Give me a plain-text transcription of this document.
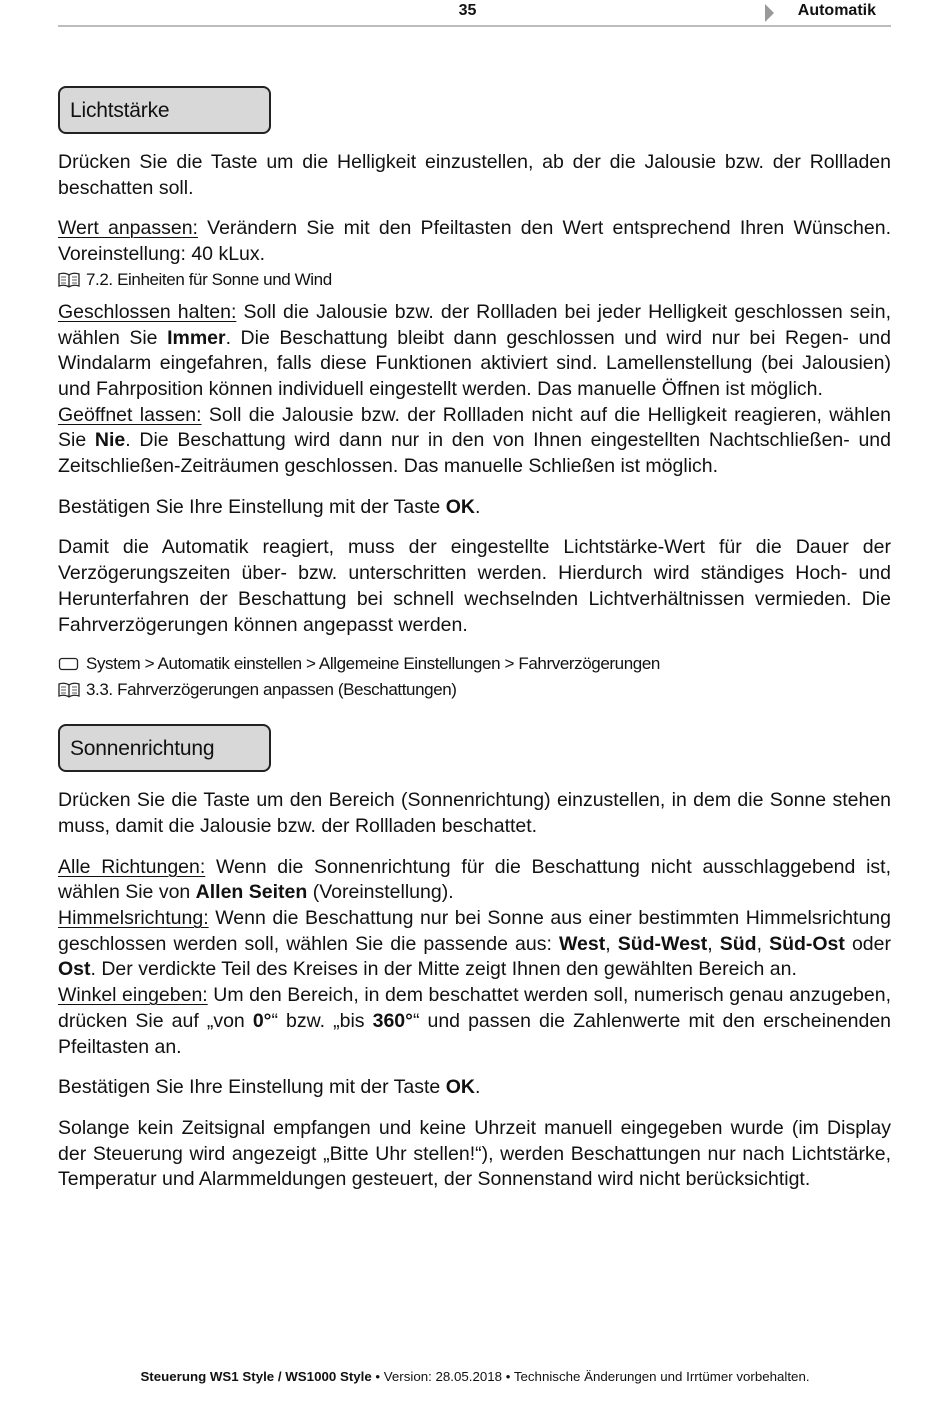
35	Automatik
Lichtstärke

Drücken Sie die Taste um die Helligkeit einzustellen, ab der die Jalousie bzw. der Rollladen beschatten soll.

Wert anpassen: Verändern Sie mit den Pfeiltasten den Wert entsprechend Ihren Wünschen. Voreinstellung: 40 kLux.

7.2. Einheiten für Sonne und Wind

Geschlossen halten: Soll die Jalousie bzw. der Rollladen bei jeder Helligkeit geschlossen sein, wählen Sie Immer. Die Beschattung bleibt dann geschlossen und wird nur bei Regen- und Windalarm eingefahren, falls diese Funktionen aktiviert sind. Lamellenstellung (bei Jalousien) und Fahrposition können individuell eingestellt werden. Das manuelle Öffnen ist möglich.

Geöffnet lassen: Soll die Jalousie bzw. der Rollladen nicht auf die Helligkeit reagieren, wählen Sie Nie. Die Beschattung wird dann nur in den von Ihnen eingestellten Nachtschließen- und Zeitschließen-Zeiträumen geschlossen. Das manuelle Schließen ist möglich.

Bestätigen Sie Ihre Einstellung mit der Taste OK.

Damit die Automatik reagiert, muss der eingestellte Lichtstärke-Wert für die Dauer der Verzögerungszeiten über- bzw. unterschritten werden. Hierdurch wird ständiges Hoch- und Herunterfahren der Beschattung bei schnell wechselnden Lichtverhältnissen vermieden. Die Fahrverzögerungen können angepasst werden.

System > Automatik einstellen > Allgemeine Einstellungen > Fahrverzögerungen
3.3. Fahrverzögerungen anpassen (Beschattungen)
Sonnenrichtung

Drücken Sie die Taste um den Bereich (Sonnenrichtung) einzustellen, in dem die Sonne stehen muss, damit die Jalousie bzw. der Rollladen beschattet.

Alle Richtungen: Wenn die Sonnenrichtung für die Beschattung nicht ausschlaggebend ist, wählen Sie von Allen Seiten (Voreinstellung).

Himmelsrichtung: Wenn die Beschattung nur bei Sonne aus einer bestimmten Himmelsrichtung geschlossen werden soll, wählen Sie die passende aus: West, Süd-West, Süd, Süd-Ost oder Ost. Der verdickte Teil des Kreises in der Mitte zeigt Ihnen den gewählten Bereich an.

Winkel eingeben: Um den Bereich, in dem beschattet werden soll, numerisch genau anzugeben, drücken Sie auf „von 0°“ bzw. „bis 360°“ und passen die Zahlenwerte mit den erscheinenden Pfeiltasten an.

Bestätigen Sie Ihre Einstellung mit der Taste OK.

Solange kein Zeitsignal empfangen und keine Uhrzeit manuell eingegeben wurde (im Display der Steuerung wird angezeigt „Bitte Uhr stellen!“), werden Beschattungen nur nach Lichtstärke, Temperatur und Alarmmeldungen gesteuert, der Sonnenstand wird nicht berücksichtigt.

Steuerung WS1 Style / WS1000 Style • Version: 28.05.2018 • Technische Änderungen und Irrtümer vorbehalten.
